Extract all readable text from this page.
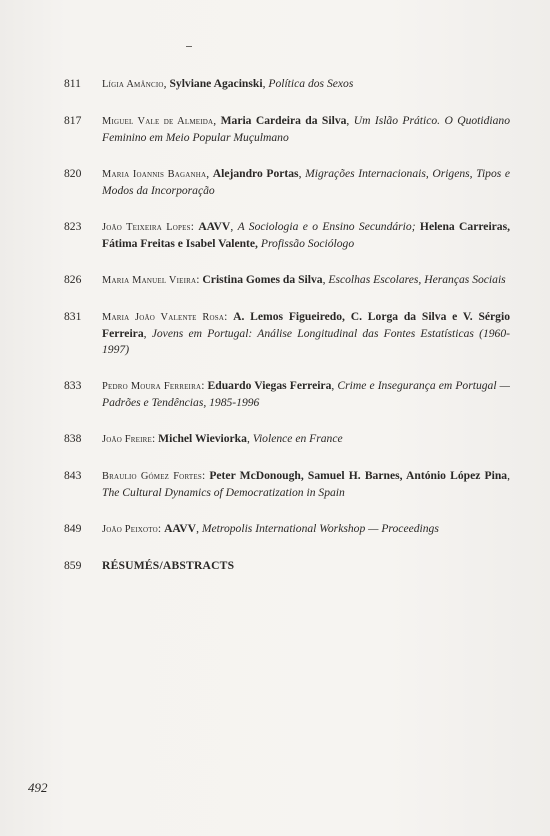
811	Lígia Amâncio, Sylviane Agacinski, Política dos Sexos
817	Miguel Vale de Almeida, Maria Cardeira da Silva, Um Islão Prático. O Quotidiano Feminino em Meio Popular Muçulmano
820	Maria Ioannis Baganha, Alejandro Portas, Migrações Internacionais, Origens, Tipos e Modos da Incorporação
823	João Teixeira Lopes: AAVV, A Sociologia e o Ensino Secundário; Helena Carreiras, Fátima Freitas e Isabel Valente, Profissão Sociólogo
826	Maria Manuel Vieira: Cristina Gomes da Silva, Escolhas Escolares, Heranças Sociais
831	Maria João Valente Rosa: A. Lemos Figueiredo, C. Lorga da Silva e V. Sérgio Ferreira, Jovens em Portugal: Análise Longitudinal das Fontes Estatísticas (1960-1997)
833	Pedro Moura Ferreira: Eduardo Viegas Ferreira, Crime e Insegurança em Portugal — Padrões e Tendências, 1985-1996
838	João Freire: Michel Wieviorka, Violence en France
843	Braulio Gómez Fortes: Peter McDonough, Samuel H. Barnes, António López Pina, The Cultural Dynamics of Democratization in Spain
849	João Peixoto: AAVV, Metropolis International Workshop — Proceedings
859	RÉSUMÉS/ABSTRACTS
492
